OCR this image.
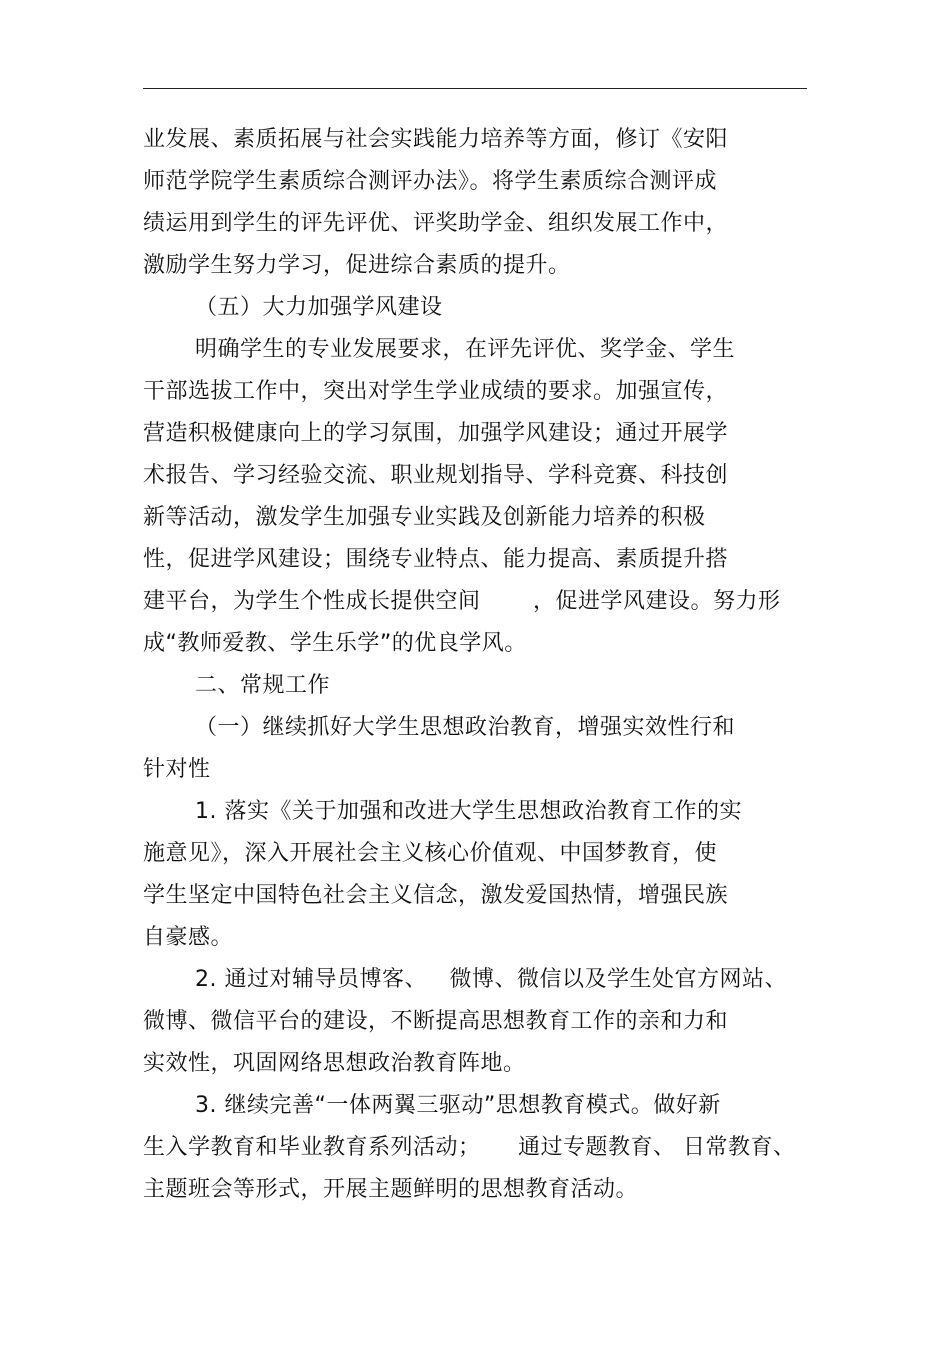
业发展、素质拓展与社会实践能力培养等方面，修订《安阳
师范学院学生素质综合测评办法》。将学生素质综合测评成
绩运用到学生的评先评优、评奖助学金、组织发展工作中，
激励学生努力学习，促进综合素质的提升。
（五）大力加强学风建设
明确学生的专业发展要求，在评先评优、奖学金、学生
干部选拔工作中，突出对学生学业成绩的要求。加强宣传，
营造积极健康向上的学习氛围，加强学风建设；通过开展学
术报告、学习经验交流、职业规划指导、学科竞赛、科技创
新等活动，激发学生加强专业实践及创新能力培养的积极
性，促进学风建设；围绕专业特点、能力提高、素质提升搭
建平台，为学生个性成长提供空间       ，促进学风建设。努力形
成“教师爱教、学生乐学”的优良学风。
二、常规工作
（一）继续抓好大学生思想政治教育，增强实效性行和
针对性
1. 落实《关于加强和改进大学生思想政治教育工作的实
施意见》，深入开展社会主义核心价值观、中国梦教育，使
学生坚定中国特色社会主义信念，激发爱国热情，增强民族
自豪感。
2. 通过对辅导员博客、   微博、微信以及学生处官方网站、
微博、微信平台的建设，不断提高思想教育工作的亲和力和
实效性，巩固网络思想政治教育阵地。
3. 继续完善“一体两翼三驱动”思想教育模式。做好新
生入学教育和毕业教育系列活动；     通过专题教育、 日常教育、
主题班会等形式，开展主题鲜明的思想教育活动。
